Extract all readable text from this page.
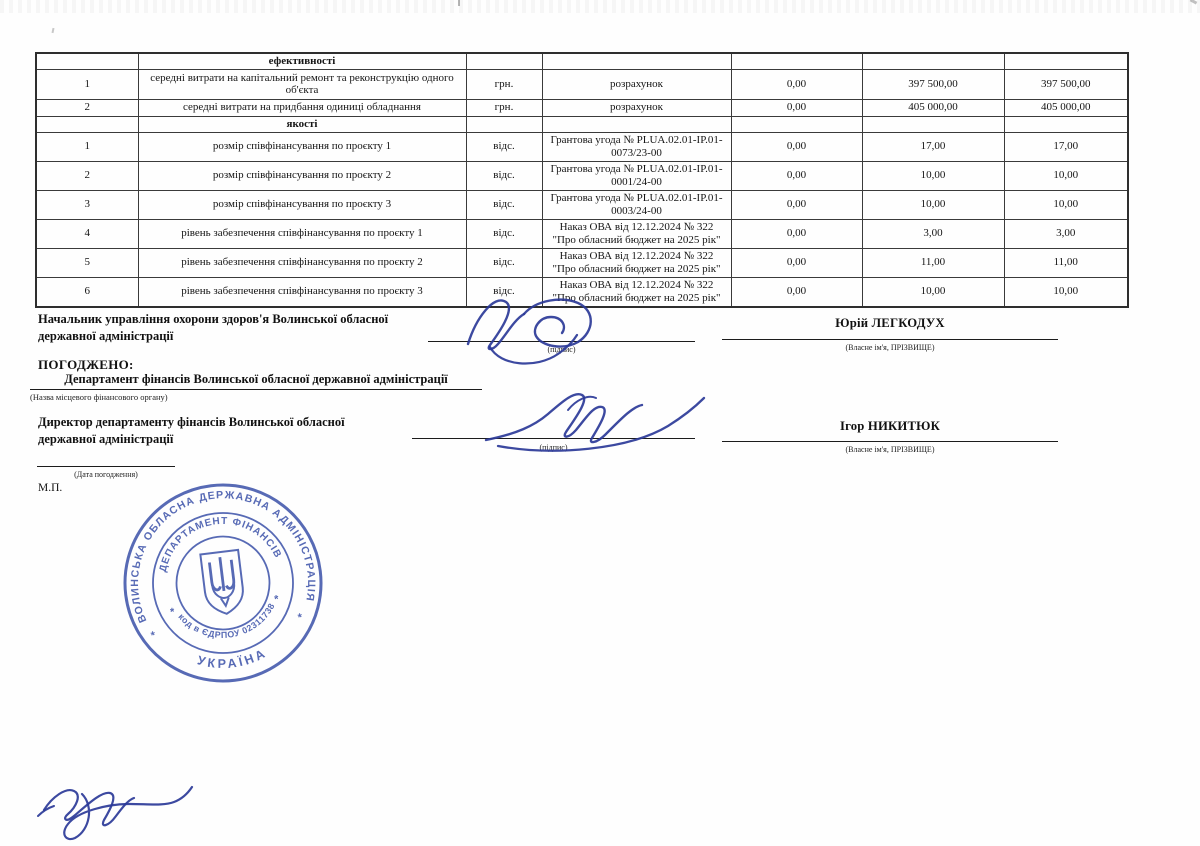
	ефективності					
1	середні витрати на капітальний ремонт та реконструкцію одного об'єкта	грн.	розрахунок	0,00	397 500,00	397 500,00
2	середні витрати на придбання одиниці обладнання	грн.	розрахунок	0,00	405 000,00	405 000,00
	якості					
1	розмір співфінансування по проєкту 1	відс.	Грантова угода № PLUA.02.01-IP.01-0073/23-00	0,00	17,00	17,00
2	розмір співфінансування по проєкту 2	відс.	Грантова угода № PLUA.02.01-IP.01-0001/24-00	0,00	10,00	10,00
3	розмір співфінансування по проєкту 3	відс.	Грантова угода № PLUA.02.01-IP.01-0003/24-00	0,00	10,00	10,00
4	рівень забезпечення співфінансування по проєкту 1	відс.	Наказ ОВА від 12.12.2024 № 322 "Про обласний бюджет на 2025 рік"	0,00	3,00	3,00
5	рівень забезпечення співфінансування по проєкту 2	відс.	Наказ ОВА від 12.12.2024 № 322 "Про обласний бюджет на 2025 рік"	0,00	11,00	11,00
6	рівень забезпечення співфінансування по проєкту 3	відс.	Наказ ОВА від 12.12.2024 № 322 "Про обласний бюджет на 2025 рік"	0,00	10,00	10,00
Начальник управління охорони здоров'я Волинської обласної державної адміністрації
(підпис)
Юрій ЛЕГКОДУХ
(Власне ім'я, ПРІЗВИЩЕ)
ПОГОДЖЕНО:
Департамент фінансів Волинської обласної державної адміністрації
(Назва місцевого фінансового органу)
Директор департаменту фінансів Волинської обласної державної адміністрації
(підпис)
Ігор НИКИТЮК
(Власне ім'я, ПРІЗВИЩЕ)
(Дата погодження)
М.П.
ВОЛИНСЬКА ОБЛАСНА ДЕРЖАВНА АДМІНІСТРАЦІЯ
УКРАЇНА
ДЕПАРТАМЕНТ ФІНАНСІВ
код в ЄДРПОУ 02311738
*
*
*
*
